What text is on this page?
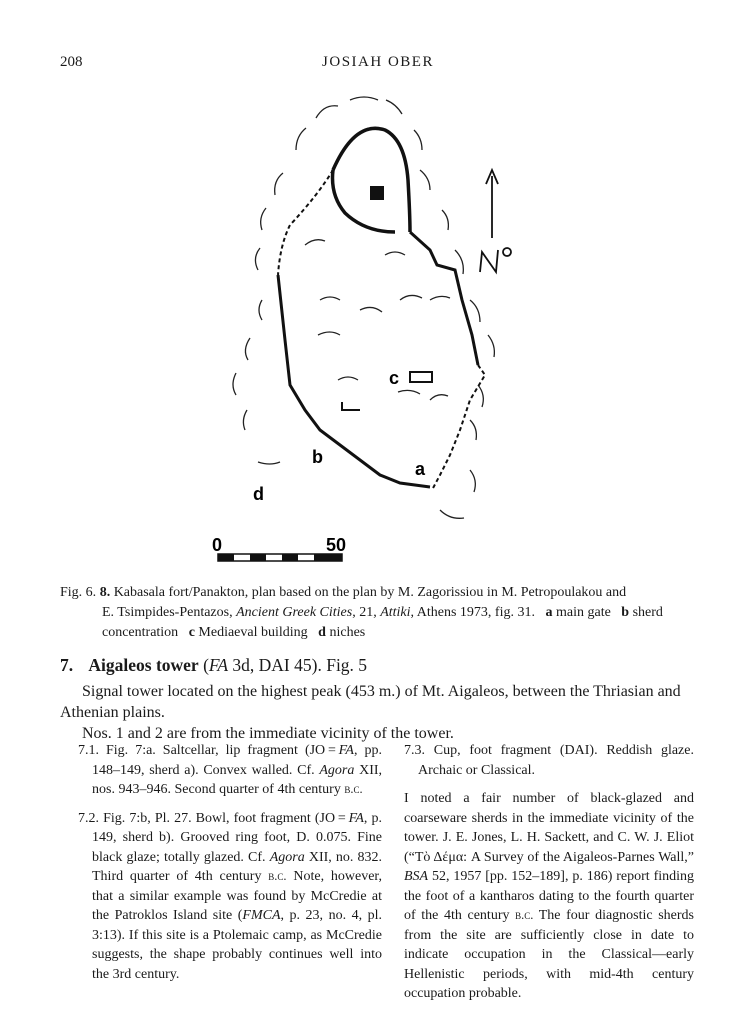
208	JOSIAH OBER
a
b
c
d
0	50
Fig. 6. 8. Kabasala fort/Panakton, plan based on the plan by M. Zagorissiou in M. Petropoulakou and
E. Tsimpides-Pentazos, Ancient Greek Cities, 21, Attiki, Athens 1973, fig. 31. a main gate b sherd
concentration c Mediaeval building d niches
7. Aigaleos tower (FA 3d, DAI 45). Fig. 5

Signal tower located on the highest peak (453 m.) of Mt. Aigaleos, between the Thriasian and Athenian plains.

Nos. 1 and 2 are from the immediate vicinity of the tower.

7.1. Fig. 7:a. Saltcellar, lip fragment (JO = FA, pp. 148–149, sherd a). Convex walled. Cf. Agora XII, nos. 943–946. Second quarter of 4th century b.c.

7.2. Fig. 7:b, Pl. 27. Bowl, foot fragment (JO = FA, p. 149, sherd b). Grooved ring foot, D. 0.075. Fine black glaze; totally glazed. Cf. Agora XII, no. 832. Third quarter of 4th century b.c. Note, however, that a similar example was found by McCredie at the Patroklos Island site (FMCA, p. 23, no. 4, pl. 3:13). If this site is a Ptolemaic camp, as McCredie suggests, the shape probably continues well into the 3rd century.

7.3. Cup, foot fragment (DAI). Reddish glaze. Archaic or Classical.

I noted a fair number of black-glazed and coarseware sherds in the immediate vicinity of the tower. J. E. Jones, L. H. Sackett, and C. W. J. Eliot (“Tὸ Δέμα: A Survey of the Aigaleos-Parnes Wall,” BSA 52, 1957 [pp. 152–189], p. 186) report finding the foot of a kantharos dating to the fourth quarter of the 4th century b.c. The four diagnostic sherds from the site are sufficiently close in date to indicate occupation in the Classical—early Hellenistic periods, with mid-4th century occupation probable.
